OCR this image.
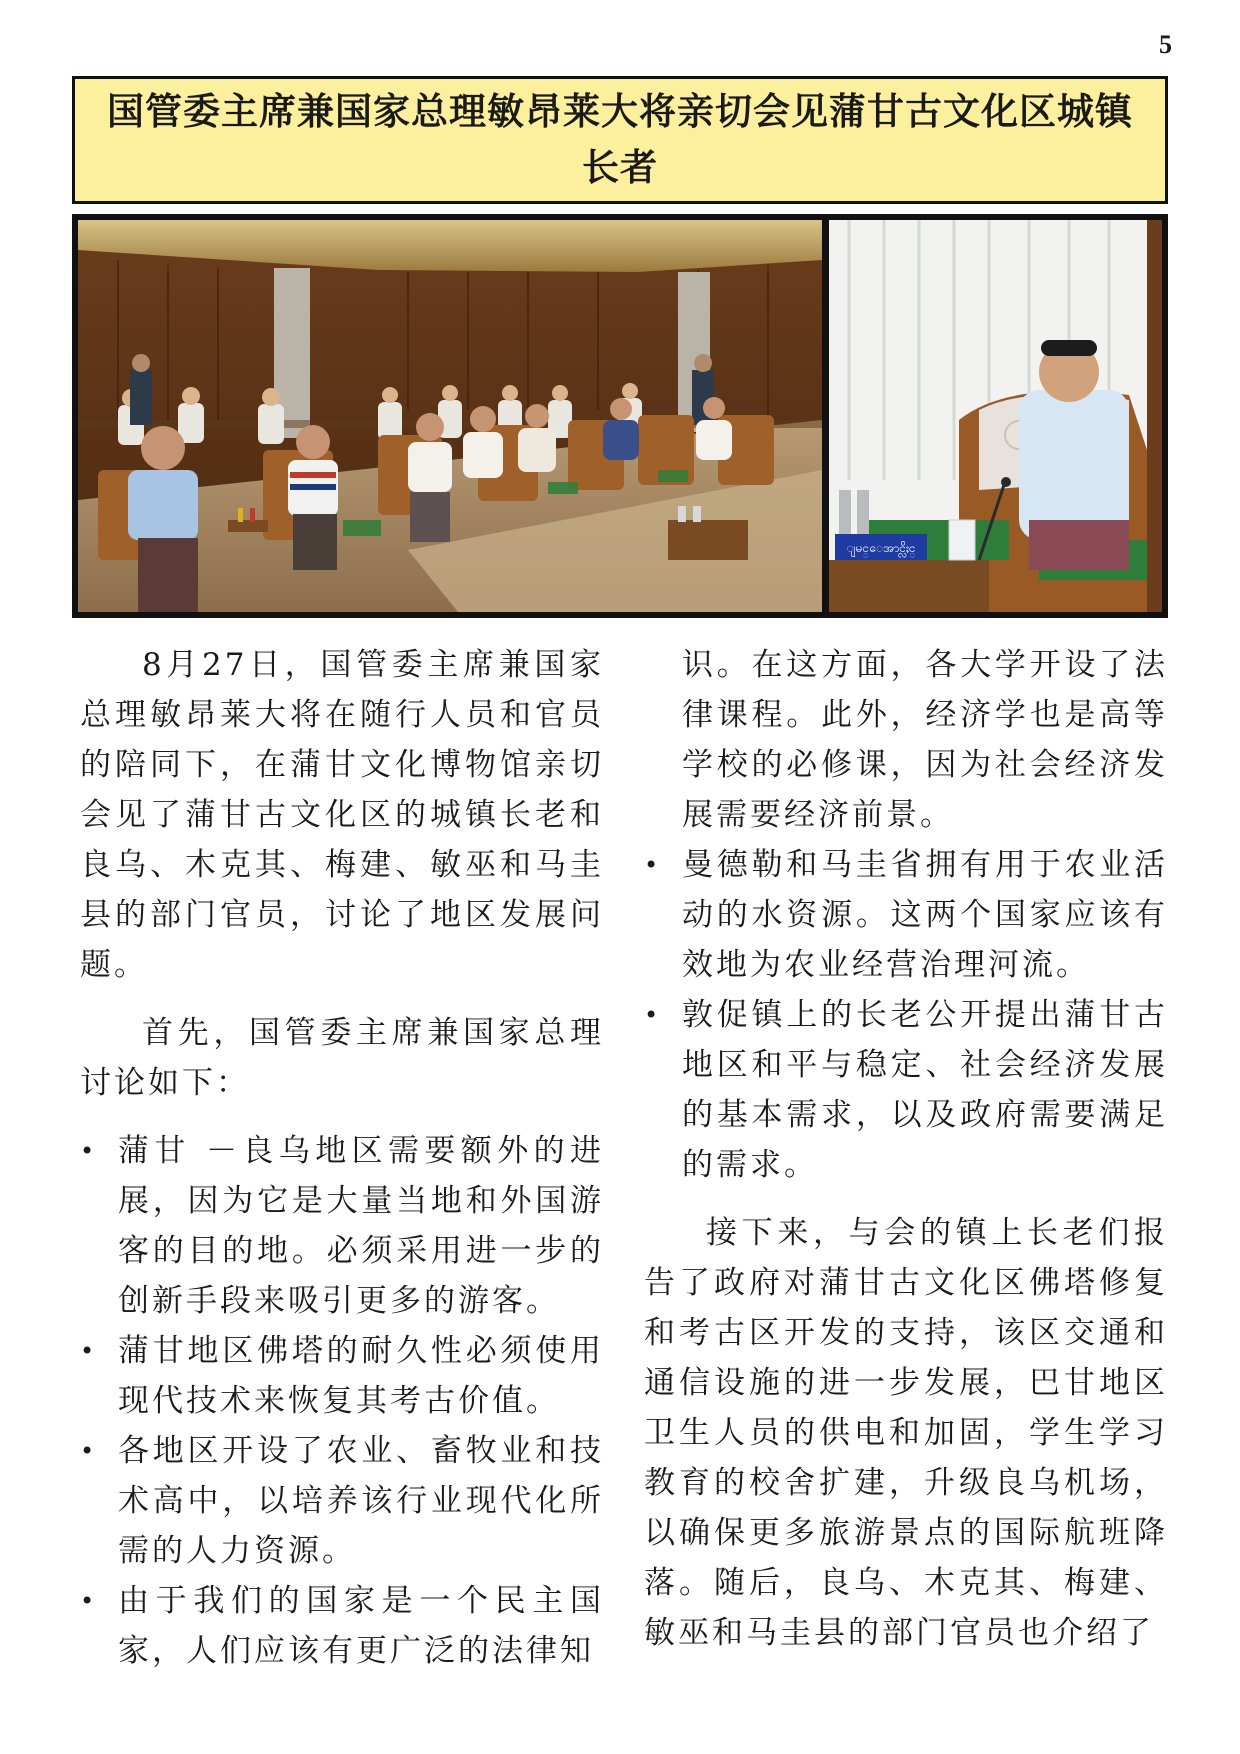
5
国管委主席兼国家总理敏昂莱大将亲切会见蒲甘古文化区城镇长者
ျမင္ေအာင္လိႈင္

8月27日，国管委主席兼国家总理敏昂莱大将在随行人员和官员的陪同下，在蒲甘文化博物馆亲切会见了蒲甘古文化区的城镇长老和良乌、木克其、梅建、敏巫和马圭县的部门官员，讨论了地区发展问题。

首先，国管委主席兼国家总理讨论如下：

• 蒲甘 －良乌地区需要额外的进展，因为它是大量当地和外国游客的目的地。必须采用进一步的创新手段来吸引更多的游客。
• 蒲甘地区佛塔的耐久性必须使用现代技术来恢复其考古价值。
• 各地区开设了农业、畜牧业和技术高中，以培养该行业现代化所需的人力资源。
• 由于我们的国家是一个民主国家，人们应该有更广泛的法律知
识。在这方面，各大学开设了法律课程。此外，经济学也是高等学校的必修课，因为社会经济发展需要经济前景。
• 曼德勒和马圭省拥有用于农业活动的水资源。这两个国家应该有效地为农业经营治理河流。
• 敦促镇上的长老公开提出蒲甘古地区和平与稳定、社会经济发展的基本需求，以及政府需要满足的需求。

接下来，与会的镇上长老们报告了政府对蒲甘古文化区佛塔修复和考古区开发的支持，该区交通和通信设施的进一步发展，巴甘地区卫生人员的供电和加固，学生学习教育的校舍扩建，升级良乌机场，以确保更多旅游景点的国际航班降落。随后，良乌、木克其、梅建、敏巫和马圭县的部门官员也介绍了
